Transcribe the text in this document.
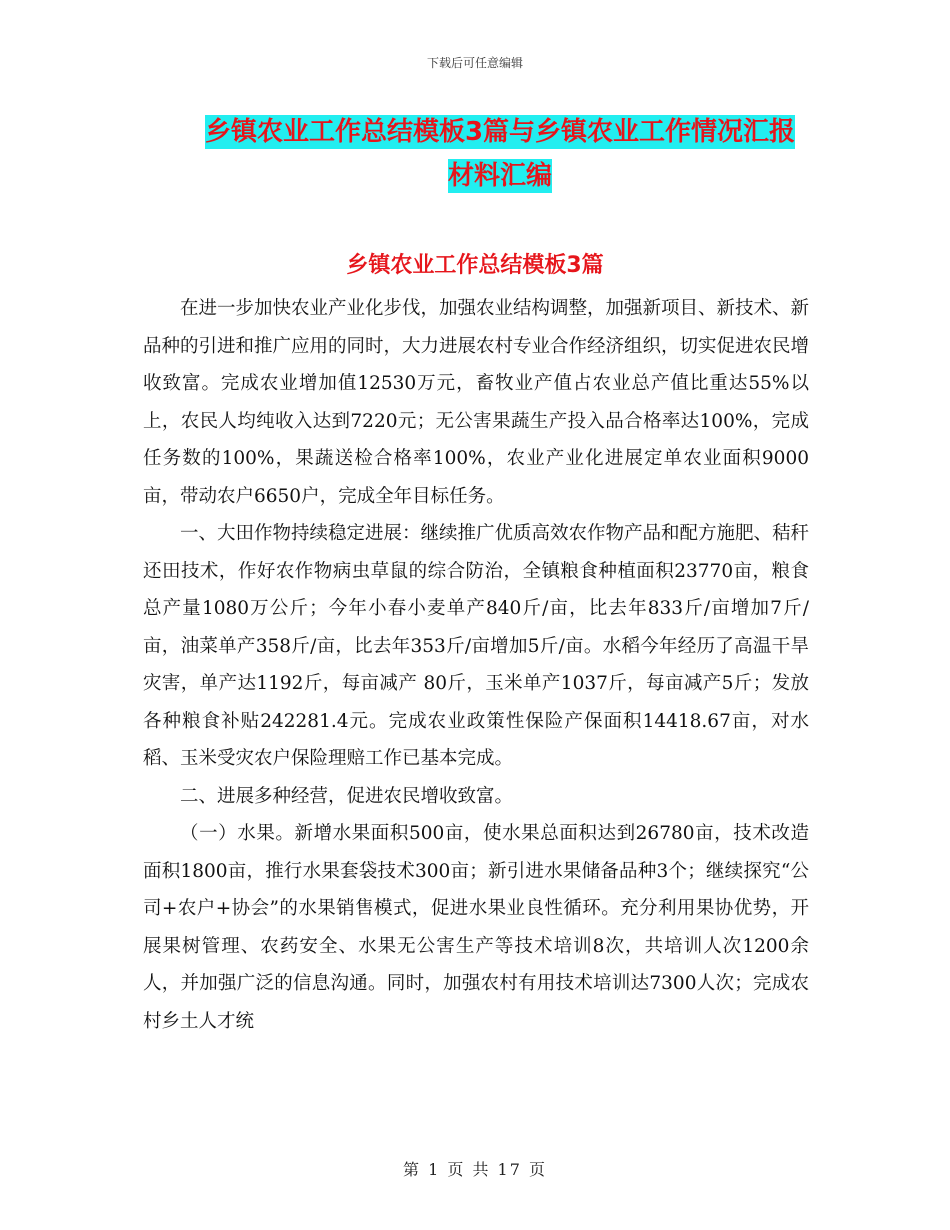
下载后可任意编辑
乡镇农业工作总结模板3篇与乡镇农业工作情况汇报
材料汇编
乡镇农业工作总结模板3篇

在进一步加快农业产业化步伐，加强农业结构调整，加强新项目、新技术、新品种的引进和推广应用的同时，大力进展农村专业合作经济组织，切实促进农民增收致富。完成农业增加值12530万元，畜牧业产值占农业总产值比重达55%以上，农民人均纯收入达到7220元；无公害果蔬生产投入品合格率达100%，完成任务数的100%，果蔬送检合格率100%，农业产业化进展定单农业面积9000亩，带动农户6650户，完成全年目标任务。

一、大田作物持续稳定进展：继续推广优质高效农作物产品和配方施肥、秸秆还田技术，作好农作物病虫草鼠的综合防治，全镇粮食种植面积23770亩，粮食总产量1080万公斤；今年小春小麦单产840斤/亩，比去年833斤/亩增加7斤/亩，油菜单产358斤/亩，比去年353斤/亩增加5斤/亩。水稻今年经历了高温干旱灾害，单产达1192斤，每亩减产 80斤，玉米单产1037斤，每亩减产5斤；发放各种粮食补贴242281.4元。完成农业政策性保险产保面积14418.67亩，对水稻、玉米受灾农户保险理赔工作已基本完成。

二、进展多种经营，促进农民增收致富。

（一）水果。新增水果面积500亩，使水果总面积达到26780亩，技术改造面积1800亩，推行水果套袋技术300亩；新引进水果储备品种3个；继续探究“公司+农户+协会”的水果销售模式，促进水果业良性循环。充分利用果协优势，开展果树管理、农药安全、水果无公害生产等技术培训8次，共培训人次1200余人，并加强广泛的信息沟通。同时，加强农村有用技术培训达7300人次；完成农村乡土人才统

第 1 页 共 17 页
